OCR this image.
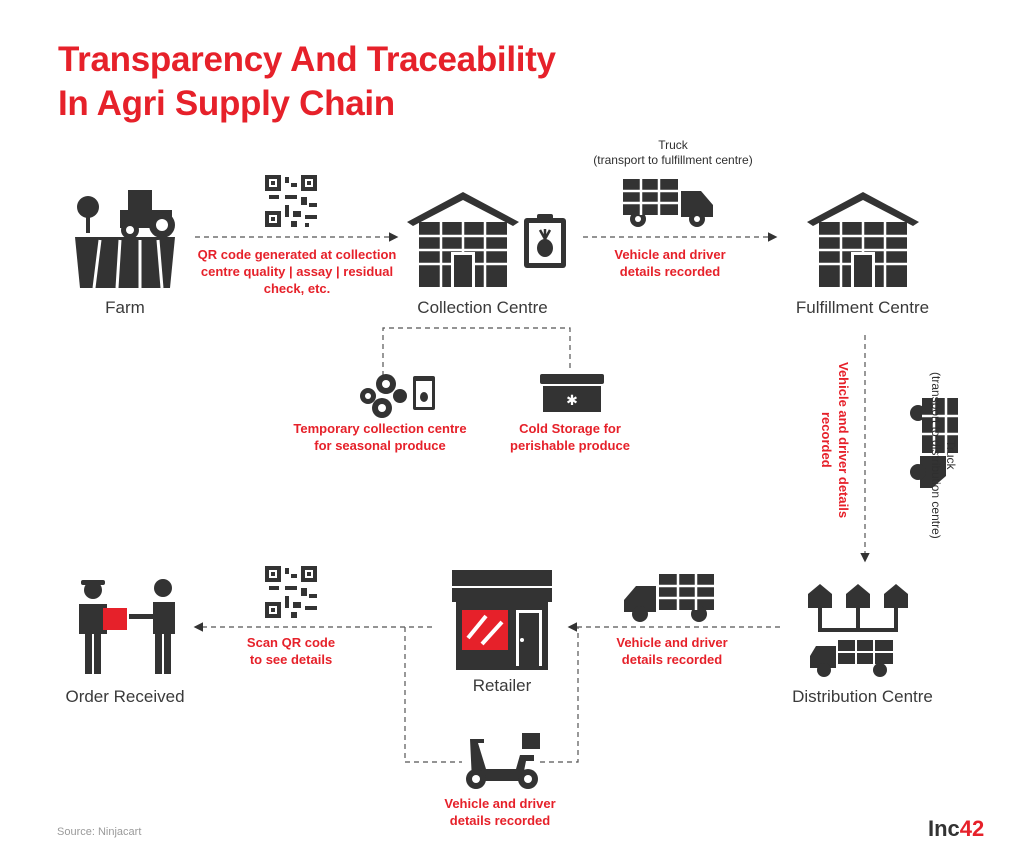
Transparency And Traceability
In Agri Supply Chain
Farm
QR code generated at collection
centre quality | assay | residual
check, etc.
Collection Centre
Truck
(transport to fulfillment centre)
Vehicle and driver
details recorded
Fulfillment Centre
Temporary collection centre
for seasonal produce
✱
Cold Storage for
perishable produce	Vehicle and driver details
recorded	Truck
(transport to distribution centre)
Distribution Centre
Vehicle and driver
details recorded
Retailer
Scan QR code
to see details
Order Received
Vehicle and driver
details recorded
Source: Ninjacart	Inc42
